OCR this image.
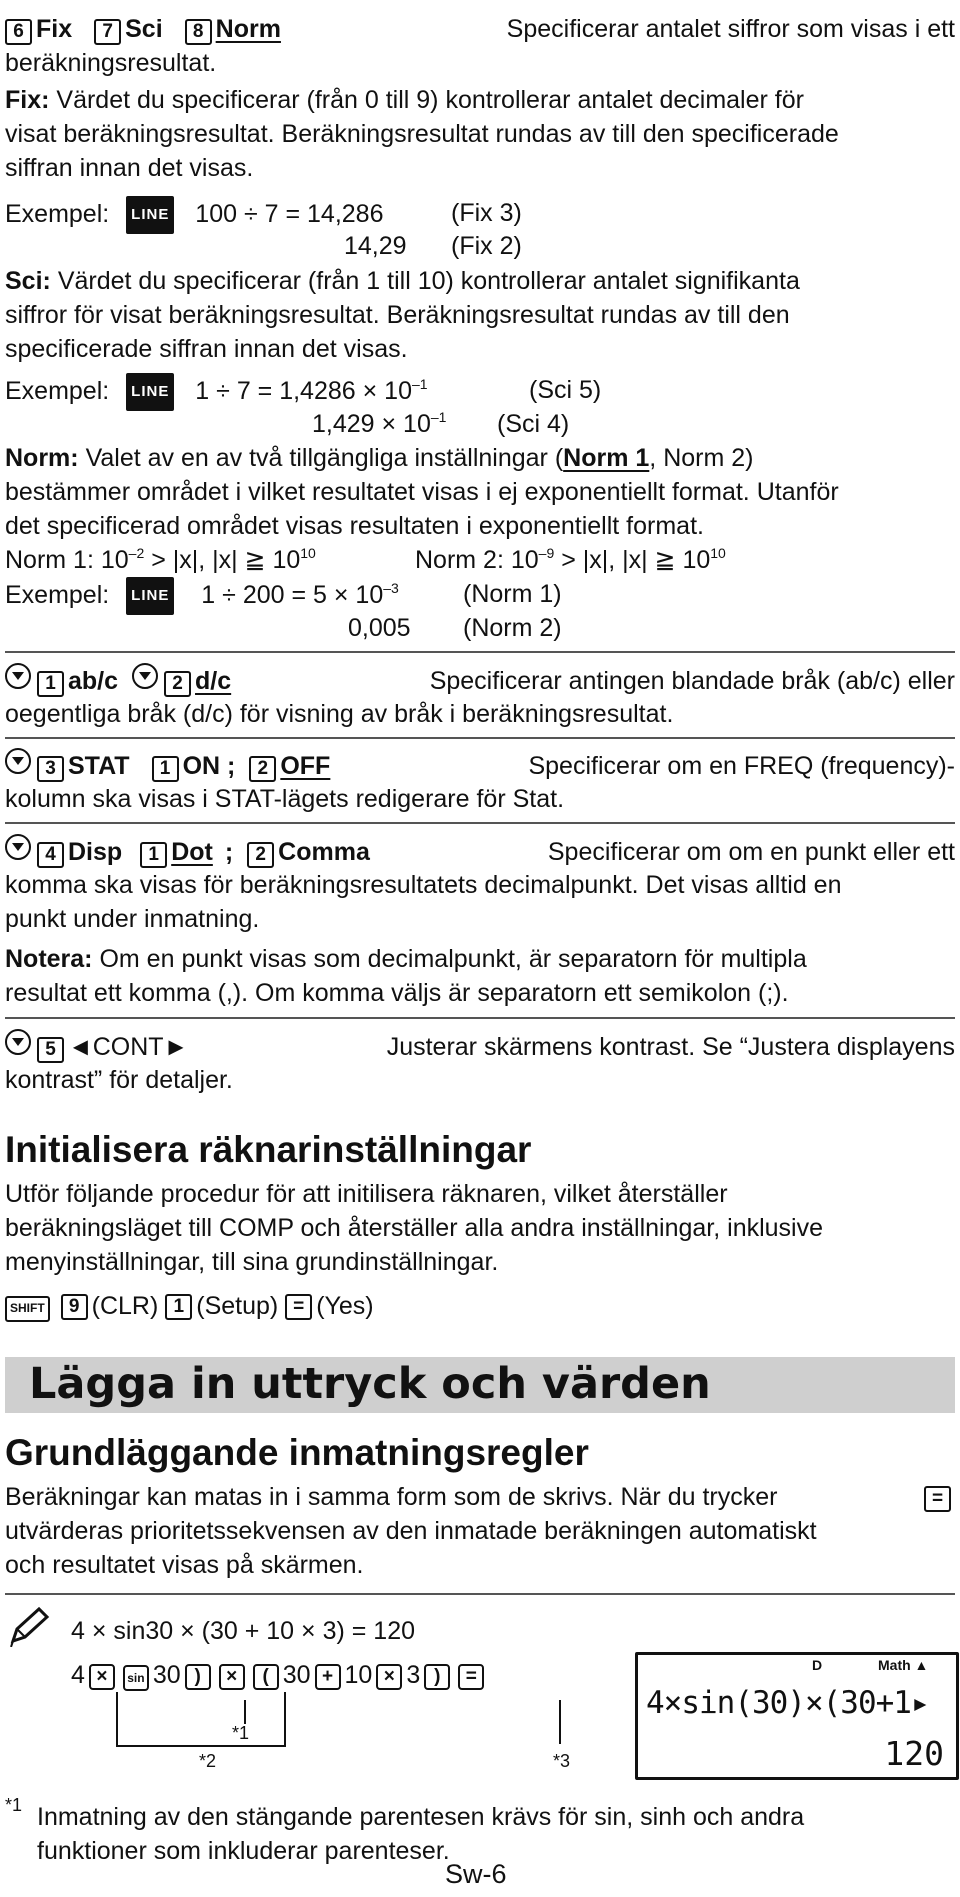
6 Fix	7 Sci	8 Norm	Specificerar antalet siffror som visas i ett

beräkningsresultat.

Fix: Värdet du specificerar (från 0 till 9) kontrollerar antalet decimaler för
visat beräkningsresultat. Beräkningsresultat rundas av till den specificerade
siffran innan det visas.

Exempel: LINE 100 ÷ 7 = 14,286	(Fix 3)
14,29 (Fix 2)

Sci: Värdet du specificerar (från 1 till 10) kontrollerar antalet signifikanta
siffror för visat beräkningsresultat. Beräkningsresultat rundas av till den
specificerade siffran innan det visas.

Exempel: LINE $1 \div 7 = 1,4286 \times 10^{-1}$	(Sci 5)
$1,429 \times 10^{-1}$ (Sci 4)

Norm: Valet av en av två tillgängliga inställningar (Norm 1, Norm 2)
bestämmer området i vilket resultatet visas i ej exponentiellt format. Utanför
det specificerad området visas resultaten i exponentiellt format.

Norm 1: $10^{-2} > |x|$, |x| ≧ $10^{10}$	Norm 2: $10^{-9} > |x|$, |x| ≧ $10^{10}$
Exempel: LINE $1 \div 200 = 5 \times 10^{-3}$	(Norm 1)
0,005 (Norm 2)
1 ab/c	2 d/c	Specificerar antingen blandade bråk (ab/c) eller

oegentliga bråk (d/c) för visning av bråk i beräkningsresultat.

3 STAT	1 ON ;	2 OFF	Specificerar om en FREQ (frequency)-

kolumn ska visas i STAT-lägets redigerare för Stat.

4 Disp	1 Dot ;	2 Comma	Specificerar om om en punkt eller ett

komma ska visas för beräkningsresultatets decimalpunkt. Det visas alltid en
punkt under inmatning.

Notera: Om en punkt visas som decimalpunkt, är separatorn för multipla
resultat ett komma (,). Om komma väljs är separatorn ett semikolon (;).

5 ◄CONT►	Justerar skärmens kontrast. Se “Justera displayens

kontrast” för detaljer.

Initialisera räknarinställningar

Utför följande procedur för att initilisera räknaren, vilket återställer
beräkningsläget till COMP och återställer alla andra inställningar, inklusive
menyinställningar, till sina grundinställningar.

SHIFT 9 (CLR) 1 (Setup) = (Yes)
Lägga in uttryck och värden
Grundläggande inmatningsregler
Beräkningar kan matas in i samma form som de skrivs. När du trycker	=

utvärderas prioritetssekvensen av den inmatade beräkningen automatiskt
och resultatet visas på skärmen.

4 × sin30 × (30 + 10 × 3) = 120
4 × sin 30 ) × ( 30 + 10 × 3 ) =
*1
*2	*3
D	Math ▲
4×sin(30)×(30+1▸
120
*1 Inmatning av den stängande parentesen krävs för sin, sinh och andra
funktioner som inkluderar parenteser.

Sw-6
